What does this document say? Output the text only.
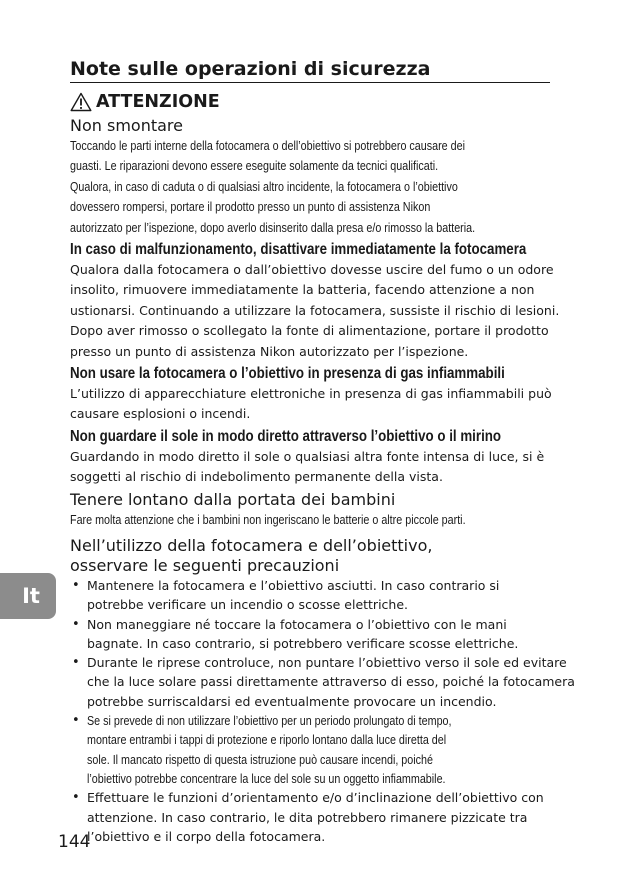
Note sulle operazioni di sicurezza
ATTENZIONE
Non smontare
Toccando le parti interne della fotocamera o dell’obiettivo si potrebbero causare dei
guasti. Le riparazioni devono essere eseguite solamente da tecnici qualificati.
Qualora, in caso di caduta o di qualsiasi altro incidente, la fotocamera o l’obiettivo
dovessero rompersi, portare il prodotto presso un punto di assistenza Nikon
autorizzato per l’ispezione, dopo averlo disinserito dalla presa e/o rimosso la batteria.
In caso di malfunzionamento, disattivare immediatamente la fotocamera
Qualora dalla fotocamera o dall’obiettivo dovesse uscire del fumo o un odore
insolito, rimuovere immediatamente la batteria, facendo attenzione a non
ustionarsi. Continuando a utilizzare la fotocamera, sussiste il rischio di lesioni.
Dopo aver rimosso o scollegato la fonte di alimentazione, portare il prodotto
presso un punto di assistenza Nikon autorizzato per l’ispezione.
Non usare la fotocamera o l’obiettivo in presenza di gas infiammabili
L’utilizzo di apparecchiature elettroniche in presenza di gas infiammabili può
causare esplosioni o incendi.
Non guardare il sole in modo diretto attraverso l’obiettivo o il mirino
Guardando in modo diretto il sole o qualsiasi altra fonte intensa di luce, si è
soggetti al rischio di indebolimento permanente della vista.
Tenere lontano dalla portata dei bambini
Fare molta attenzione che i bambini non ingeriscano le batterie o altre piccole parti.
Nell’utilizzo della fotocamera e dell’obiettivo,
osservare le seguenti precauzioni
• Mantenere la fotocamera e l’obiettivo asciutti. In caso contrario si
potrebbe verificare un incendio o scosse elettriche.
• Non maneggiare né toccare la fotocamera o l’obiettivo con le mani
bagnate. In caso contrario, si potrebbero verificare scosse elettriche.
• Durante le riprese controluce, non puntare l’obiettivo verso il sole ed evitare
che la luce solare passi direttamente attraverso di esso, poiché la fotocamera
potrebbe surriscaldarsi ed eventualmente provocare un incendio.
• Se si prevede di non utilizzare l’obiettivo per un periodo prolungato di tempo,
montare entrambi i tappi di protezione e riporlo lontano dalla luce diretta del
sole. Il mancato rispetto di questa istruzione può causare incendi, poiché
l’obiettivo potrebbe concentrare la luce del sole su un oggetto infiammabile.
• Effettuare le funzioni d’orientamento e/o d’inclinazione dell’obiettivo con
attenzione. In caso contrario, le dita potrebbero rimanere pizzicate tra
l’obiettivo e il corpo della fotocamera.
It
144
